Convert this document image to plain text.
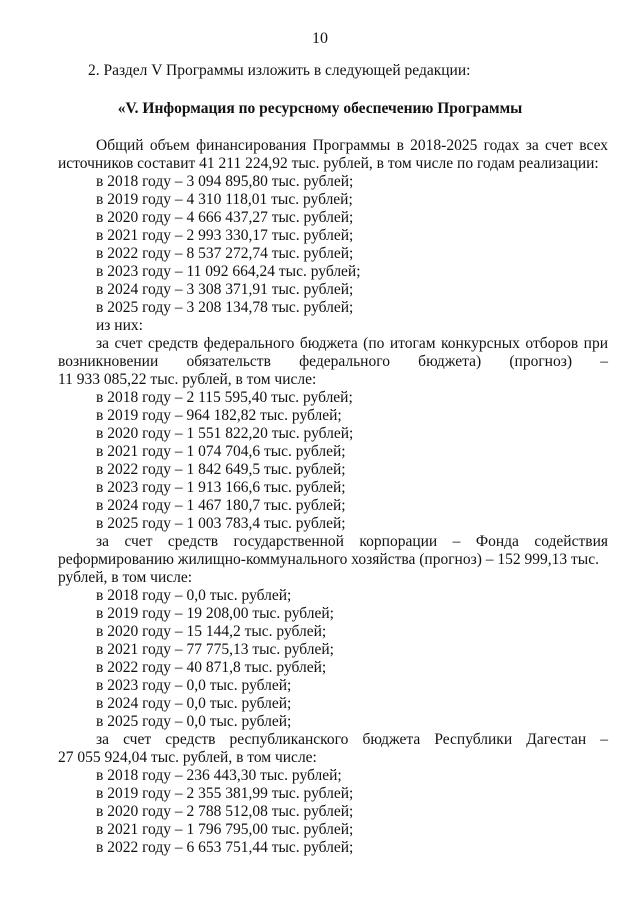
10
2. Раздел V Программы изложить в следующей редакции:
«V. Информация по ресурсному обеспечению Программы
Общий объем финансирования Программы в 2018-2025 годах за счет всех
источников составит 41 211 224,92 тыс. рублей, в том числе по годам реализации:
в 2018 году – 3 094 895,80 тыс. рублей;
в 2019 году – 4 310 118,01 тыс. рублей;
в 2020 году – 4 666 437,27 тыс. рублей;
в 2021 году – 2 993 330,17 тыс. рублей;
в 2022 году – 8 537 272,74 тыс. рублей;
в 2023 году – 11 092 664,24 тыс. рублей;
в 2024 году – 3 308 371,91 тыс. рублей;
в 2025 году – 3 208 134,78 тыс. рублей;
из них:
за счет средств федерального бюджета (по итогам конкурсных отборов при
возникновении обязательств федерального бюджета) (прогноз) –
11 933 085,22 тыс. рублей, в том числе:
в 2018 году – 2 115 595,40 тыс. рублей;
в 2019 году – 964 182,82 тыс. рублей;
в 2020 году – 1 551 822,20 тыс. рублей;
в 2021 году – 1 074 704,6 тыс. рублей;
в 2022 году – 1 842 649,5 тыс. рублей;
в 2023 году – 1 913 166,6 тыс. рублей;
в 2024 году – 1 467 180,7 тыс. рублей;
в 2025 году – 1 003 783,4 тыс. рублей;
за счет средств государственной корпорации – Фонда содействия
реформированию жилищно-коммунального хозяйства (прогноз) – 152 999,13 тыс.
рублей, в том числе:
в 2018 году – 0,0 тыс. рублей;
в 2019 году – 19 208,00 тыс. рублей;
в 2020 году – 15 144,2 тыс. рублей;
в 2021 году – 77 775,13 тыс. рублей;
в 2022 году – 40 871,8 тыс. рублей;
в 2023 году – 0,0 тыс. рублей;
в 2024 году – 0,0 тыс. рублей;
в 2025 году – 0,0 тыс. рублей;
за счет средств республиканского бюджета Республики Дагестан –
27 055 924,04 тыс. рублей, в том числе:
в 2018 году – 236 443,30 тыс. рублей;
в 2019 году – 2 355 381,99 тыс. рублей;
в 2020 году – 2 788 512,08 тыс. рублей;
в 2021 году – 1 796 795,00 тыс. рублей;
в 2022 году – 6 653 751,44 тыс. рублей;
